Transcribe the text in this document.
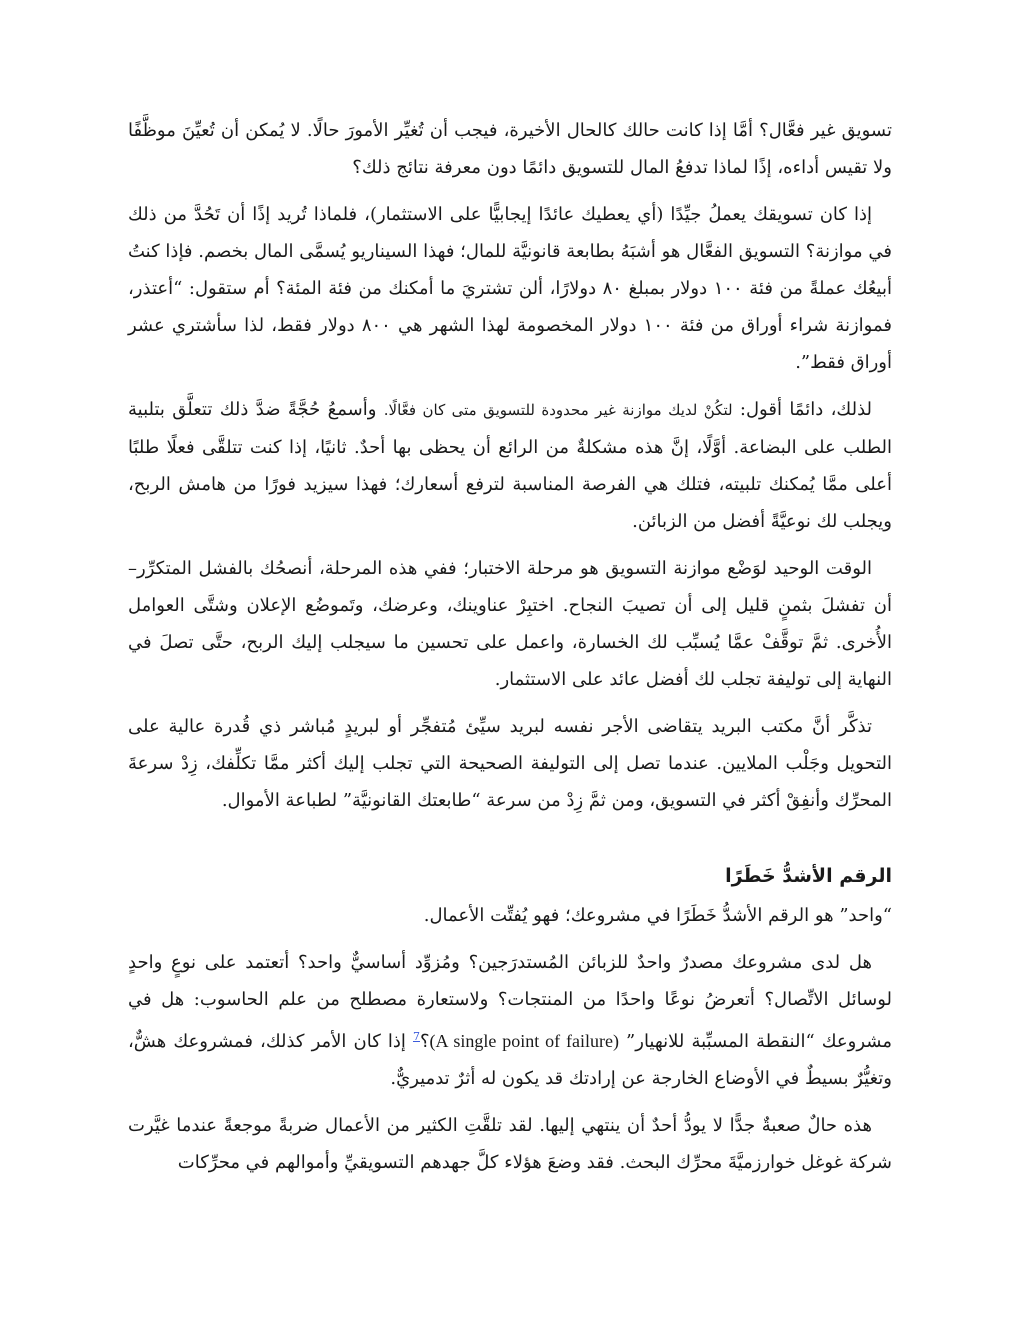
تسويق غير فعَّال؟ أمَّا إذا كانت حالك كالحال الأخيرة، فيجب أن تُغيِّر الأمورَ حالًا. لا يُمكن أن تُعيِّنَ موظَّفًا ولا تقيس أداءه، إذًا لماذا تدفعُ المال للتسويق دائمًا دون معرفة نتائج ذلك؟

إذا كان تسويقك يعملُ جيِّدًا (أي يعطيك عائدًا إيجابيًّا على الاستثمار)، فلماذا تُريد إذًا أن تَحُدَّ من ذلك في موازنة؟ التسويق الفعَّال هو أشبَهُ بطابعة قانونيَّة للمال؛ فهذا السيناريو يُسمَّى المال بخصم. فإذا كنتُ أبيعُك عملةً من فئة ١٠٠ دولار بمبلغ ٨٠ دولارًا، ألن تشتريَ ما أمكنك من فئة المئة؟ أم ستقول: “أعتذر، فموازنة شراء أوراق من فئة ١٠٠ دولار المخصومة لهذا الشهر هي ٨٠٠ دولار فقط، لذا سأشتري عشر أوراق فقط”.

لذلك، دائمًا أقول: لتكُنْ لديك موازنة غير محدودة للتسويق متى كان فعَّالًا. وأسمعُ حُجَّةً ضدَّ ذلك تتعلَّق بتلبية الطلب على البضاعة. أوَّلًا، إنَّ هذه مشكلةٌ من الرائع أن يحظى بها أحدٌ. ثانيًا، إذا كنت تتلقَّى فعلًا طلبًا أعلى ممَّا يُمكنك تلبيته، فتلك هي الفرصة المناسبة لترفع أسعارك؛ فهذا سيزيد فورًا من هامش الربح، ويجلب لك نوعيَّةً أفضل من الزبائن.

الوقت الوحيد لوَضْع موازنة التسويق هو مرحلة الاختبار؛ ففي هذه المرحلة، أنصحُك بالفشل المتكرِّر–أن تفشلَ بثمنٍ قليل إلى أن تصيبَ النجاح. اختبِرْ عناوينك، وعرضك، وتَموضُع الإعلان وشتَّى العوامل الأُخرى. ثمَّ توقَّفْ عمَّا يُسبِّب لك الخسارة، واعمل على تحسين ما سيجلب إليك الربح، حتَّى تصلَ في النهاية إلى توليفة تجلب لك أفضل عائد على الاستثمار.

تذكَّر أنَّ مكتب البريد يتقاضى الأجر نفسه لبريد سيِّئ مُتفجِّر أو لبريدٍ مُباشر ذي قُدرة عالية على التحويل وجَلْب الملايين. عندما تصل إلى التوليفة الصحيحة التي تجلب إليك أكثر ممَّا تكلِّفك، زِدْ سرعةَ المحرِّك وأنفِقْ أكثر في التسويق، ومن ثمَّ زِدْ من سرعة “طابعتك القانونيَّة” لطباعة الأموال.

الرقم الأشدُّ خَطَرًا

“واحد” هو الرقم الأشدُّ خَطَرًا في مشروعك؛ فهو يُفتِّت الأعمال.

هل لدى مشروعك مصدرٌ واحدٌ للزبائن المُستدرَجين؟ ومُزوِّد أساسيٌّ واحد؟ أتعتمد على نوعٍ واحدٍ لوسائل الاتِّصال؟ أتعرضُ نوعًا واحدًا من المنتجات؟ ولاستعارة مصطلح من علم الحاسوب: هل في مشروعك “النقطة المسبِّبة للانهيار” (A single point of failure)؟$^7$ إذا كان الأمر كذلك، فمشروعك هشٌّ، وتغيُّرٌ بسيطٌ في الأوضاع الخارجة عن إرادتك قد يكون له أثرٌ تدميريٌّ.

هذه حالٌ صعبةٌ جدًّا لا يودُّ أحدٌ أن ينتهي إليها. لقد تلقَّتِ الكثير من الأعمال ضربةً موجعةً عندما غيَّرت شركة غوغل خوارزميَّةَ محرِّك البحث. فقد وضعَ هؤلاء كلَّ جهدهم التسويقيِّ وأموالهم في محرِّكات
